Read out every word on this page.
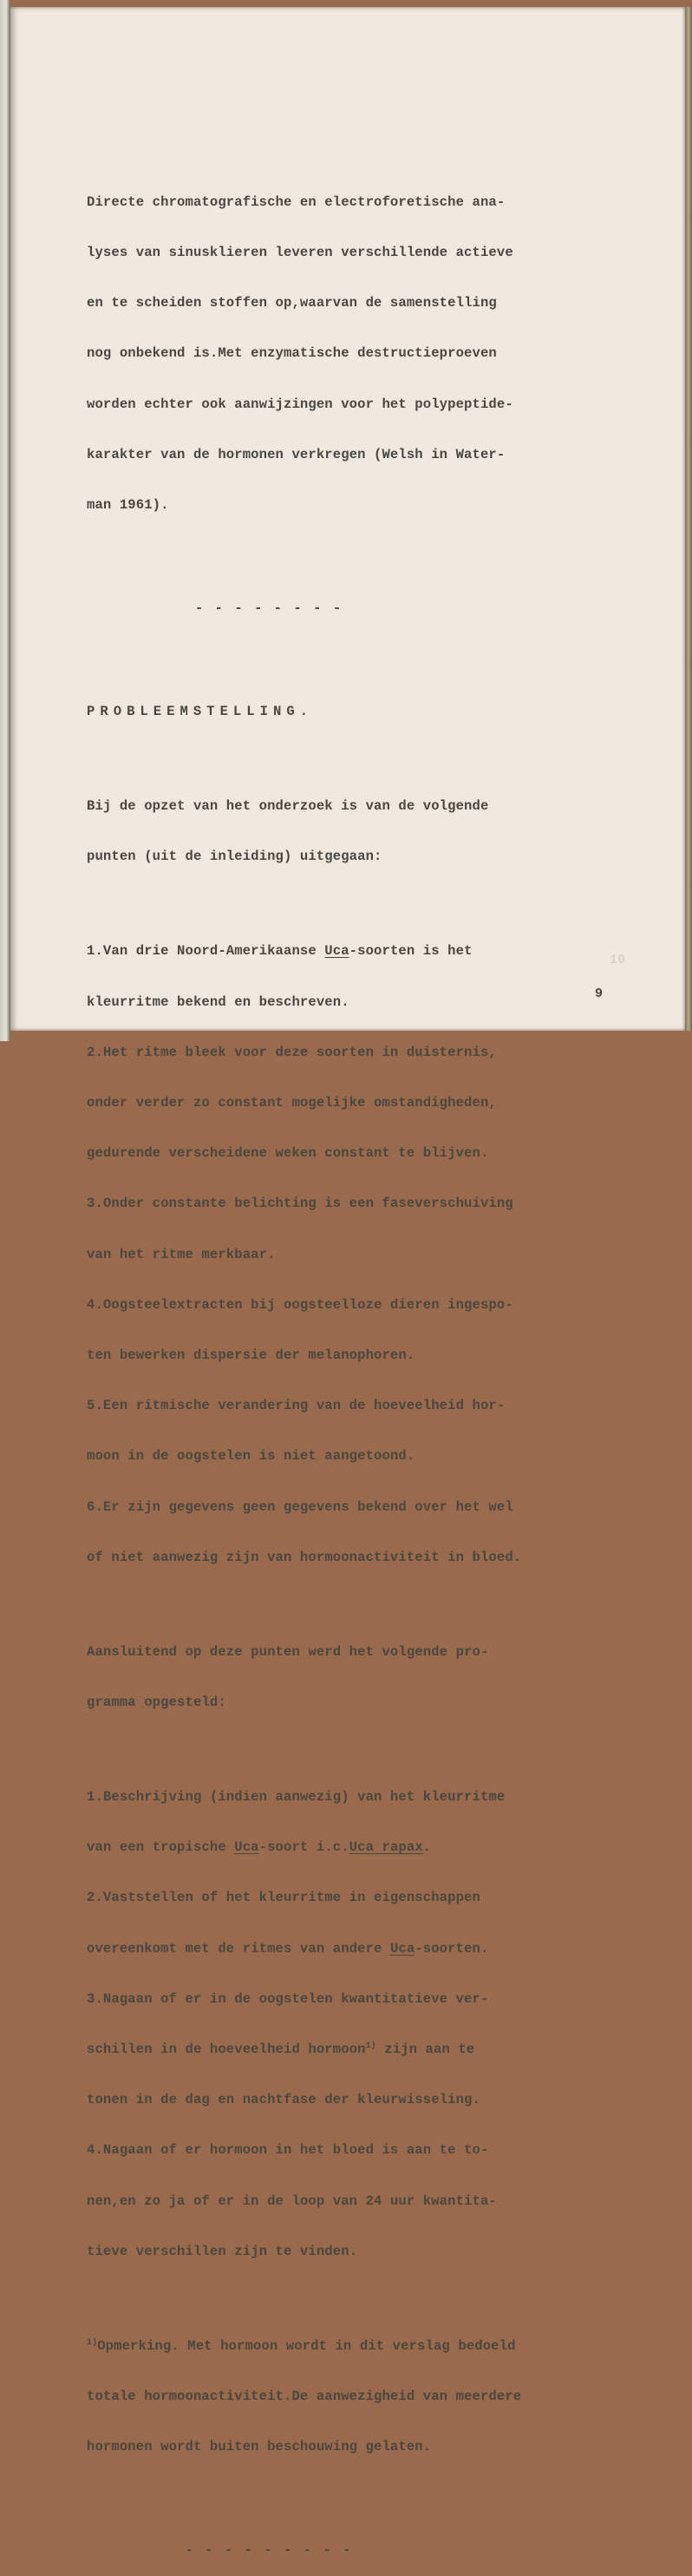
Directe chromatografische en electroforetische ana-

lyses van sinusklieren leveren verschillende actieve

en te scheiden stoffen op,waarvan de samenstelling

nog onbekend is.Met enzymatische destructieproeven

worden echter ook aanwijzingen voor het polypeptide-

karakter van de hormonen verkregen (Welsh in Water-

man 1961).

- - - - - - - -

PROBLEEMSTELLING.

Bij de opzet van het onderzoek is van de volgende

punten (uit de inleiding) uitgegaan:

1.Van drie Noord-Amerikaanse Uca-soorten is het

kleurritme bekend en beschreven.

2.Het ritme bleek voor deze soorten in duisternis,

onder verder zo constant mogelijke omstandigheden,

gedurende verscheidene weken constant te blijven.

3.Onder constante belichting is een faseverschuiving

van het ritme merkbaar.

4.Oogsteelextracten bij oogsteelloze dieren ingespo-

ten bewerken dispersie der melanophoren.

5.Een ritmische verandering van de hoeveelheid hor-

moon in de oogstelen is niet aangetoond.

6.Er zijn gegevens geen gegevens bekend over het wel

of niet aanwezig zijn van hormoonactiviteit in bloed.

Aansluitend op deze punten werd het volgende pro-

gramma opgesteld:

1.Beschrijving (indien aanwezig) van het kleurritme

van een tropische Uca-soort i.c.Uca rapax.

2.Vaststellen of het kleurritme in eigenschappen

overeenkomt met de ritmes van andere Uca-soorten.

3.Nagaan of er in de oogstelen kwantitatieve ver-

schillen in de hoeveelheid hormoon$^{1)}$ zijn aan te

tonen in de dag en nachtfase der kleurwisseling.

4.Nagaan of er hormoon in het bloed is aan te to-

nen,en zo ja of er in de loop van 24 uur kwantita-

tieve verschillen zijn te vinden.

$^{1)}$Opmerking. Met hormoon wordt in dit verslag bedoeld

totale hormoonactiviteit.De aanwezigheid van meerdere

hormonen wordt buiten beschouwing gelaten.

- - - - - - - - -

10
9
